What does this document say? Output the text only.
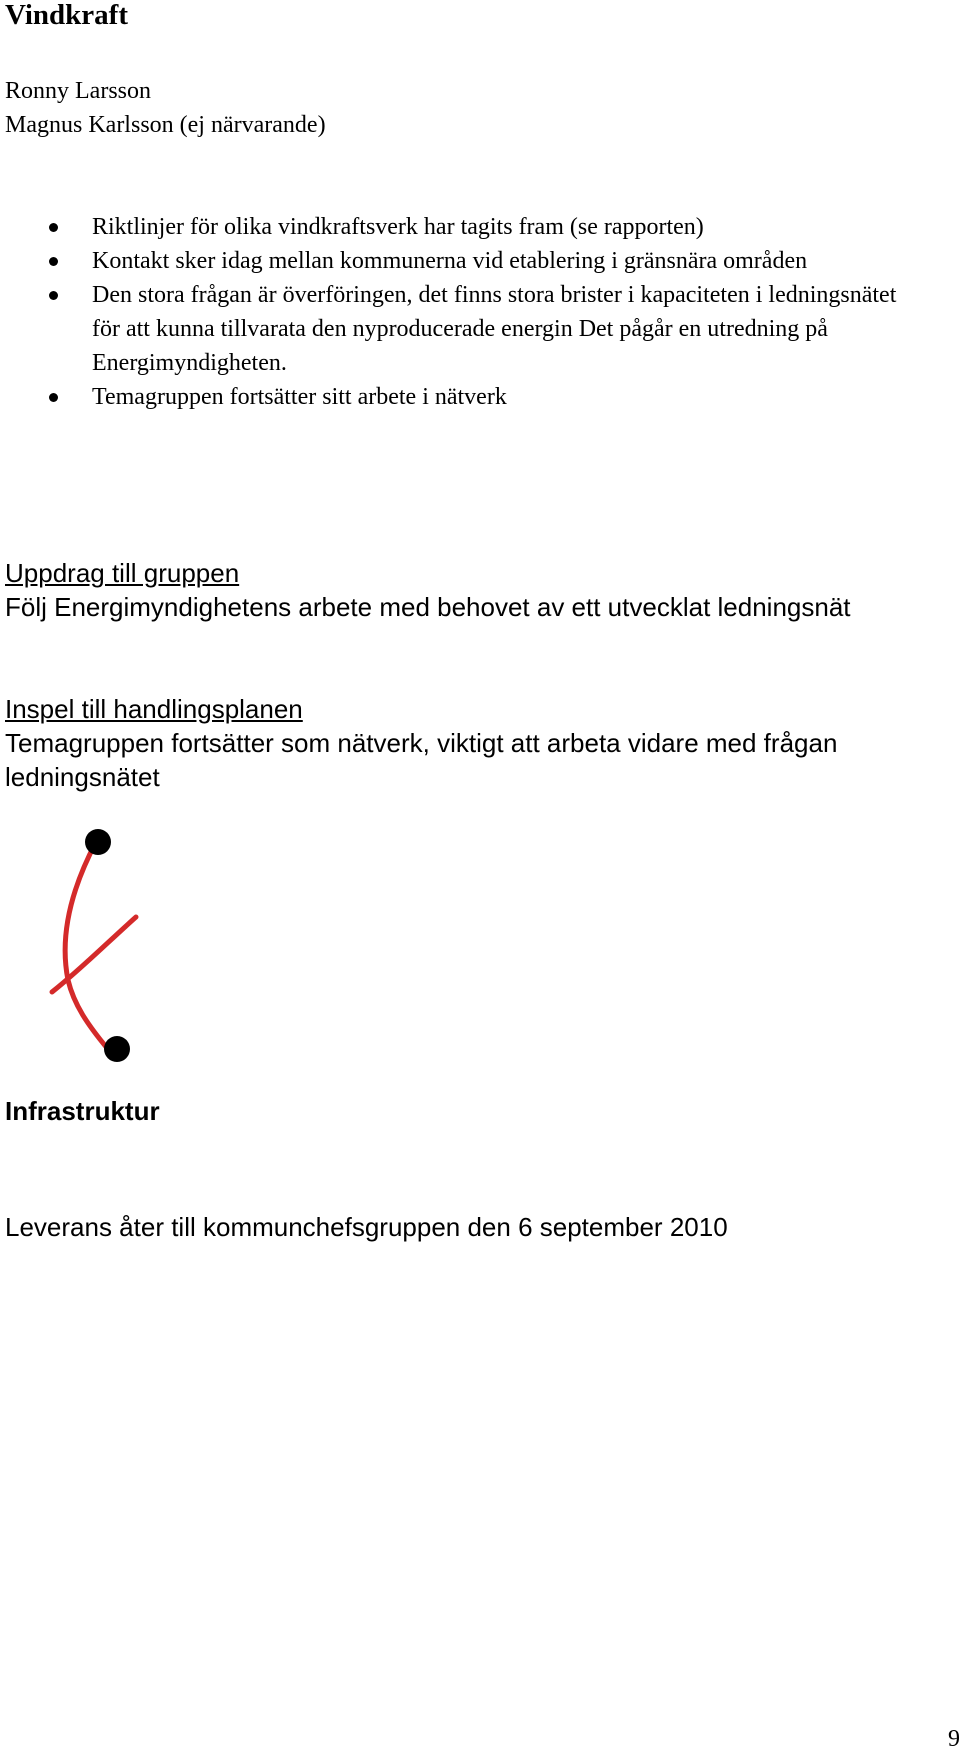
Vindkraft
Ronny Larsson
Magnus Karlsson (ej närvarande)
Riktlinjer för olika vindkraftsverk har tagits fram (se rapporten)
Kontakt sker idag mellan kommunerna vid etablering i gränsnära områden
Den stora frågan är överföringen, det finns stora brister i kapaciteten i ledningsnätet för att kunna tillvarata den nyproducerade energin Det pågår en utredning på Energimyndigheten.
Temagruppen fortsätter sitt arbete i nätverk
Uppdrag till gruppen
Följ Energimyndighetens arbete med behovet av ett utvecklat ledningsnät
Inspel till handlingsplanen
Temagruppen fortsätter som nätverk, viktigt att arbeta vidare med frågan ledningsnätet
Infrastruktur
Leverans åter till kommunchefsgruppen den 6 september 2010
9
